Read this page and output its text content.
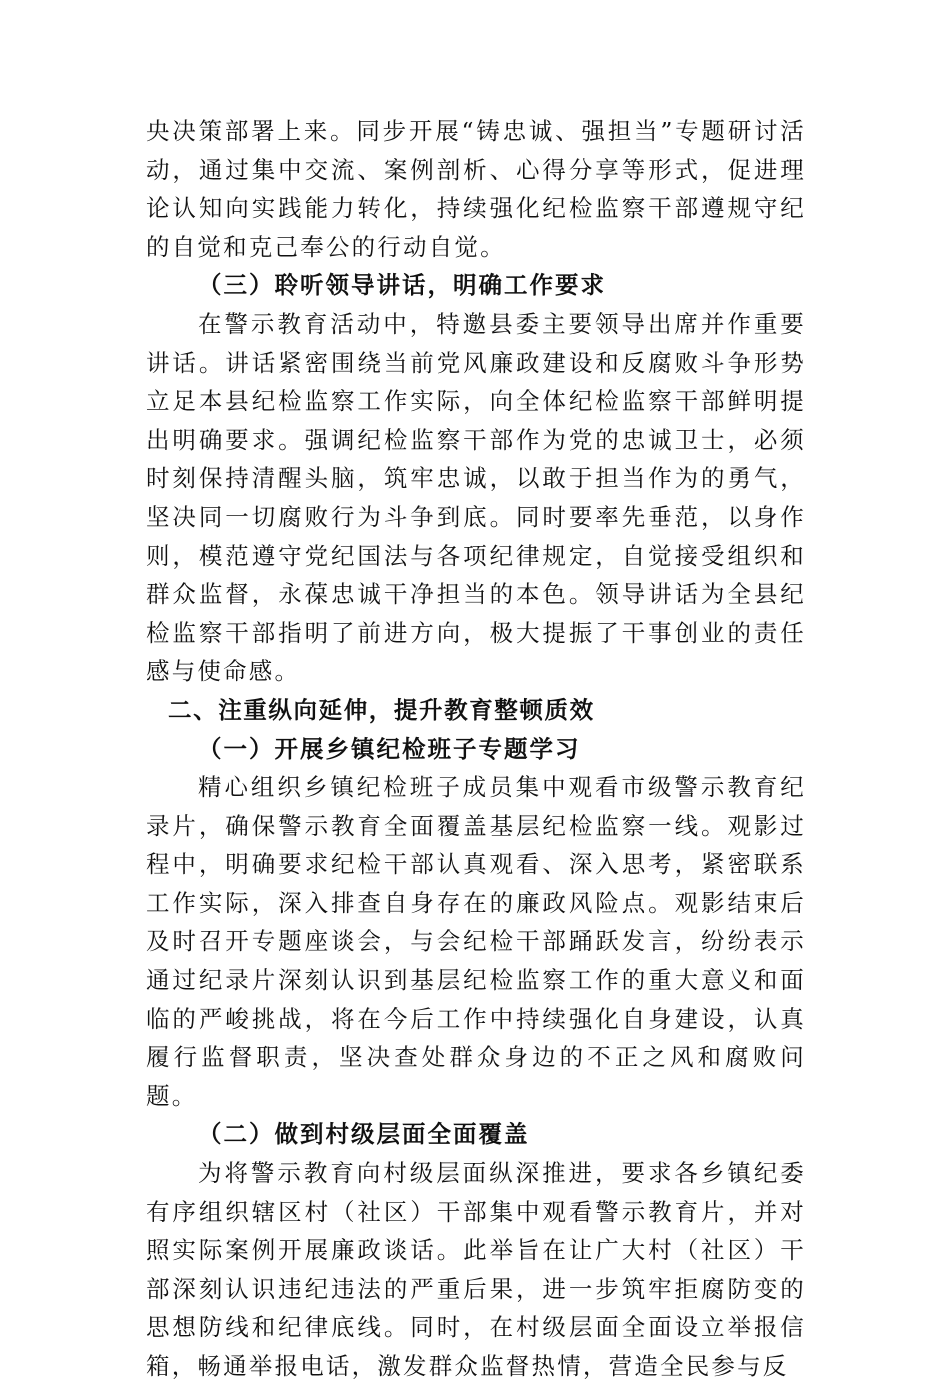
央决策部署上来。同步开展“铸忠诚、强担当”专题研讨活动，通过集中交流、案例剖析、心得分享等形式，促进理论认知向实践能力转化，持续强化纪检监察干部遵规守纪的自觉和克己奉公的行动自觉。

（三）聆听领导讲话，明确工作要求

在警示教育活动中，特邀县委主要领导出席并作重要讲话。讲话紧密围绕当前党风廉政建设和反腐败斗争形势立足本县纪检监察工作实际，向全体纪检监察干部鲜明提出明确要求。强调纪检监察干部作为党的忠诚卫士，必须时刻保持清醒头脑，筑牢忠诚，以敢于担当作为的勇气，坚决同一切腐败行为斗争到底。同时要率先垂范，以身作则，模范遵守党纪国法与各项纪律规定，自觉接受组织和群众监督，永葆忠诚干净担当的本色。领导讲话为全县纪检监察干部指明了前进方向，极大提振了干事创业的责任感与使命感。

二、注重纵向延伸，提升教育整顿质效

（一）开展乡镇纪检班子专题学习

精心组织乡镇纪检班子成员集中观看市级警示教育纪录片，确保警示教育全面覆盖基层纪检监察一线。观影过程中，明确要求纪检干部认真观看、深入思考，紧密联系工作实际，深入排查自身存在的廉政风险点。观影结束后及时召开专题座谈会，与会纪检干部踊跃发言，纷纷表示通过纪录片深刻认识到基层纪检监察工作的重大意义和面临的严峻挑战，将在今后工作中持续强化自身建设，认真履行监督职责，坚决查处群众身边的不正之风和腐败问题。

（二）做到村级层面全面覆盖

为将警示教育向村级层面纵深推进，要求各乡镇纪委有序组织辖区村（社区）干部集中观看警示教育片，并对照实际案例开展廉政谈话。此举旨在让广大村（社区）干部深刻认识违纪违法的严重后果，进一步筑牢拒腐防变的思想防线和纪律底线。同时，在村级层面全面设立举报信箱，畅通举报电话，激发群众监督热情，营造全民参与反
